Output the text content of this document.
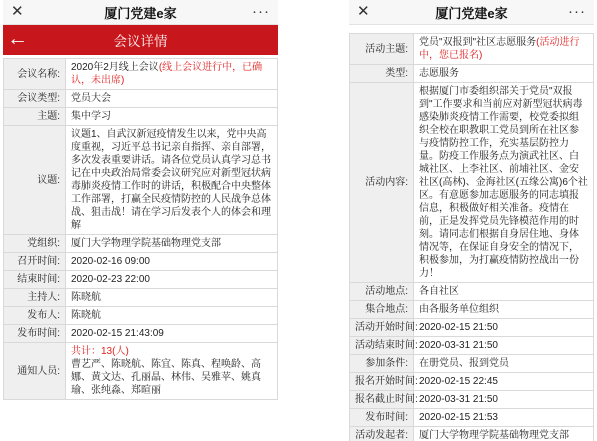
✕	厦门党建e家	···
←	会议详情
会议名称:	2020年2月线上会议(线上会议进行中，已确认，未出席)
会议类型:	党员大会
主题:	集中学习
议题:	议题1、自武汉新冠疫情发生以来，党中央高度重视，习近平总书记亲自指挥、亲自部署，多次发表重要讲话。请各位党员认真学习总书记在中央政治局常委会议研究应对新型冠状病毒肺炎疫情工作时的讲话，积极配合中央整体工作部署，打赢全民疫情防控的人民战争总体战、狙击战！请在学习后发表个人的体会和理解
党组织:	厦门大学物理学院基础物理党支部
召开时间:	2020-02-16 09:00
结束时间:	2020-02-23 22:00
主持人:	陈晓航
发布人:	陈晓航
发布时间:	2020-02-15 21:43:09
通知人员:	共计：13(人)
曹艺严、陈晓航、陈宜、陈真、程唤龄、高娜、黄文达、孔丽晶、林伟、吴雅苹、姚真瑜、张纯淼、郑暄丽
✕	厦门党建e家	···
活动主题:	党员"双报到"社区志愿服务(活动进行中，您已报名)
类型:	志愿服务
活动内容:	根据厦门市委组织部关于党员"双报到"工作要求和当前应对新型冠状病毒感染肺炎疫情工作需要，校党委拟组织全校在职教职工党员到所在社区参与疫情防控工作，充实基层防控力量。防疫工作服务点为演武社区、白城社区、上李社区、前埔社区、金安社区(高林)、金海社区(五缘公寓)6个社区。有意愿参加志愿服务的同志填报信息，积极做好相关准备。疫情在前，正是发挥党员先锋模范作用的时刻。请同志们根据自身居住地、身体情况等，在保证自身安全的情况下，积极参加，为打赢疫情防控战出一份力！
活动地点:	各自社区
集合地点:	由各服务单位组织
活动开始时间:	2020-02-15 21:50
活动结束时间:	2020-03-31 21:50
参加条件:	在册党员、报到党员
报名开始时间:	2020-02-15 22:45
报名截止时间:	2020-03-31 21:50
发布时间:	2020-02-15 21:53
活动发起者:	厦门大学物理学院基础物理党支部
